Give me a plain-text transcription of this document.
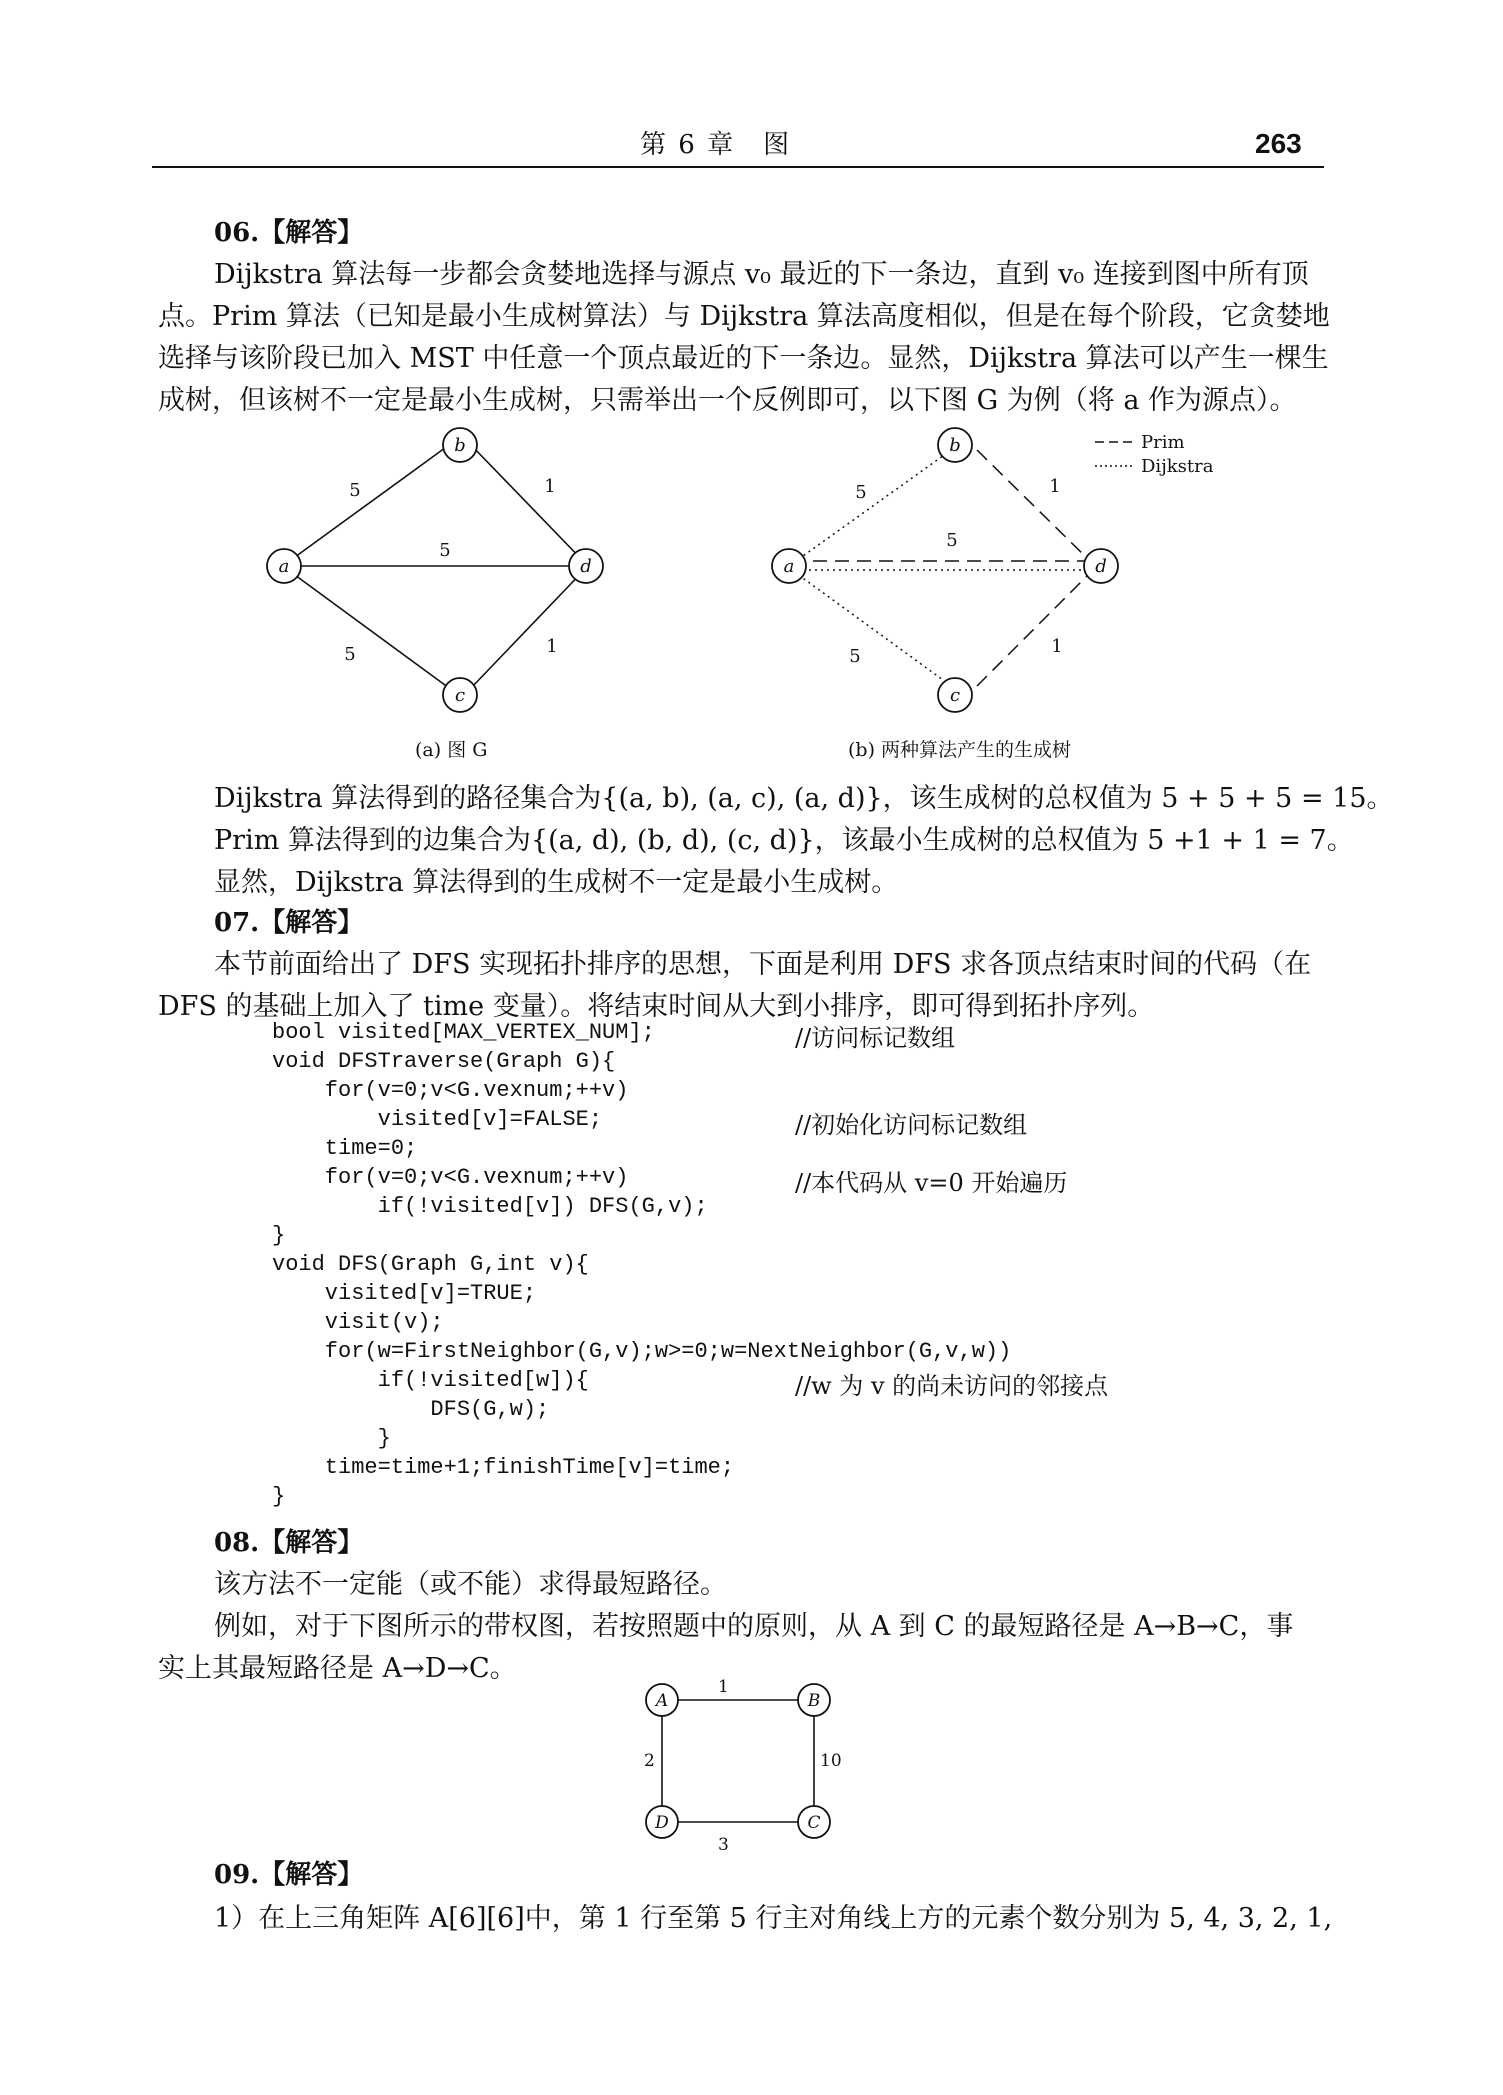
第 6 章　图	263
06.【解答】
Dijkstra 算法每一步都会贪婪地选择与源点 v₀ 最近的下一条边，直到 v₀ 连接到图中所有顶
点。Prim 算法（已知是最小生成树算法）与 Dijkstra 算法高度相似，但是在每个阶段，它贪婪地
选择与该阶段已加入 MST 中任意一个顶点最近的下一条边。显然，Dijkstra 算法可以产生一棵生
成树，但该树不一定是最小生成树，只需举出一个反例即可，以下图 G 为例（将 a 作为源点）。
a
b
c
d
5	1
5
5	1
(a) 图 G
a
b
c
d
5	1
5
5	1
Prim
Dijkstra
(b) 两种算法产生的生成树
Dijkstra 算法得到的路径集合为{(a, b), (a, c), (a, d)}，该生成树的总权值为 5 + 5 + 5 = 15。
Prim 算法得到的边集合为{(a, d), (b, d), (c, d)}，该最小生成树的总权值为 5 +1 + 1 = 7。
显然，Dijkstra 算法得到的生成树不一定是最小生成树。
07.【解答】
本节前面给出了 DFS 实现拓扑排序的思想，下面是利用 DFS 求各顶点结束时间的代码（在
DFS 的基础上加入了 time 变量）。将结束时间从大到小排序，即可得到拓扑序列。
bool visited[MAX_VERTEX_NUM];
void DFSTraverse(Graph G){
for(v=0;v<G.vexnum;++v)
visited[v]=FALSE;
time=0;
for(v=0;v<G.vexnum;++v)
if(!visited[v]) DFS(G,v);
}
void DFS(Graph G,int v){
visited[v]=TRUE;
visit(v);
for(w=FirstNeighbor(G,v);w>=0;w=NextNeighbor(G,v,w))
if(!visited[w]){
DFS(G,w);
}
time=time+1;finishTime[v]=time;
}
//访问标记数组
//初始化访问标记数组
//本代码从 v=0 开始遍历
//w 为 v 的尚未访问的邻接点
08.【解答】
该方法不一定能（或不能）求得最短路径。
例如，对于下图所示的带权图，若按照题中的原则，从 A 到 C 的最短路径是 A→B→C，事
实上其最短路径是 A→D→C。
A	B
C
D
1
10
2
3
09.【解答】
1）在上三角矩阵 A[6][6]中，第 1 行至第 5 行主对角线上方的元素个数分别为 5, 4, 3, 2, 1,
